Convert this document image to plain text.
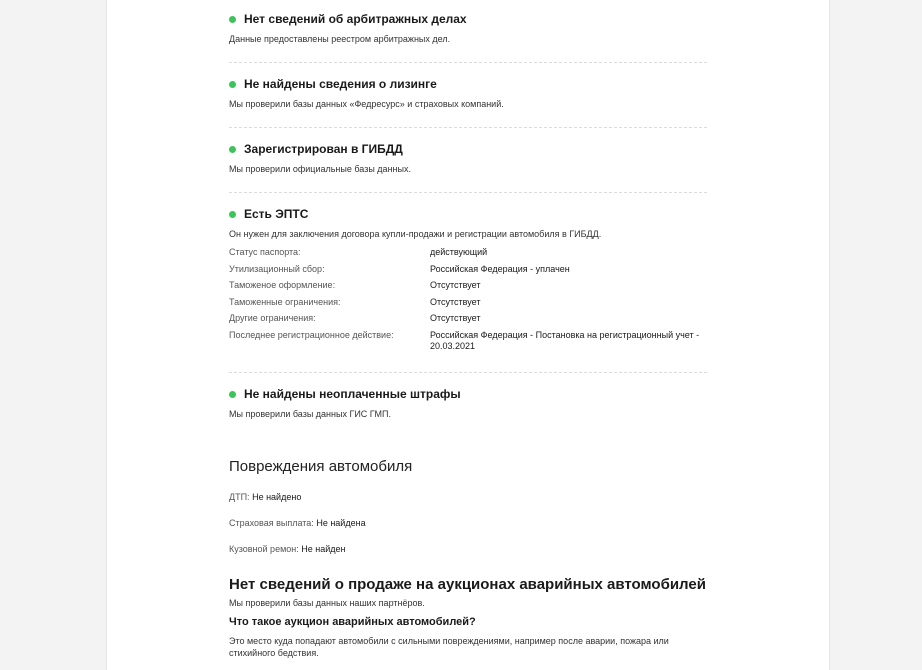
Нет сведений об арбитражных делах
Данные предоставлены реестром арбитражных дел.
Не найдены сведения о лизинге
Мы проверили базы данных «Федресурс» и страховых компаний.
Зарегистрирован в ГИБДД
Мы проверили официальные базы данных.
Есть ЭПТС
Он нужен для заключения договора купли-продажи и регистрации автомобиля в ГИБДД.
Статус паспорта:	действующий
Утилизационный сбор:	Российская Федерация - уплачен
Таможеное оформление:	Отсутствует
Таможенные ограничения:	Отсутствует
Другие ограничения:	Отсутствует
Последнее регистрационное действие:	Российская Федерация - Постановка на регистрационный учет - 20.03.2021
Не найдены неоплаченные штрафы
Мы проверили базы данных ГИС ГМП.
Повреждения автомобиля
ДТП: Не найдено
Страховая выплата: Не найдена
Кузовной ремон: Не найден
Нет сведений о продаже на аукционах аварийных автомобилей
Мы проверили базы данных наших партнёров.
Что такое аукцион аварийных автомобилей?
Это место куда попадают автомобили с сильными повреждениями, например после аварии, пожара или стихийного бедствия.
